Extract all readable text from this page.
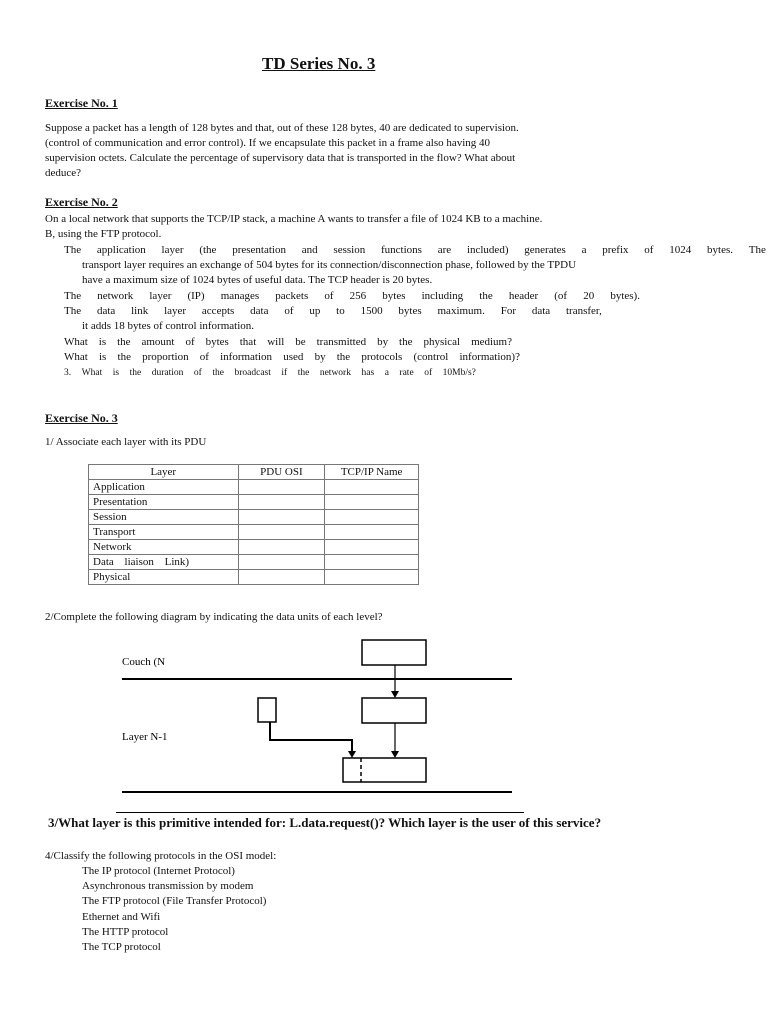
TD Series No. 3
Exercise No. 1
Suppose a packet has a length of 128 bytes and that, out of these 128 bytes, 40 are dedicated to supervision.
(control of communication and error control). If we encapsulate this packet in a frame also having 40
supervision octets. Calculate the percentage of supervisory data that is transported in the flow? What about
deduce?
Exercise No. 2
On a local network that supports the TCP/IP stack, a machine A wants to transfer a file of 1024 KB to a machine.
B, using the FTP protocol.
The application layer (the presentation and session functions are included) generates a prefix of 1024 bytes. The
transport layer requires an exchange of 504 bytes for its connection/disconnection phase, followed by the TPDU
have a maximum size of 1024 bytes of useful data. The TCP header is 20 bytes.
The network layer (IP) manages packets of 256 bytes including the header (of 20 bytes).
The data link layer accepts data of up to 1500 bytes maximum. For data transfer,
it adds 18 bytes of control information.
What is the amount of bytes that will be transmitted by the physical medium?
What is the proportion of information used by the protocols (control information)?
3. What is the duration of the broadcast if the network has a rate of 10Mb/s?
Exercise No. 3
1/ Associate each layer with its PDU
Layer	PDU OSI	TCP/IP Name
Application		
Presentation		
Session		
Transport		
Network		
Data liaison Link)		
Physical		
2/Complete the following diagram by indicating the data units of each level?
Couch (N
Layer N-1
3/What layer is this primitive intended for: L.data.request()? Which layer is the user of this service?
4/Classify the following protocols in the OSI model:
The IP protocol (Internet Protocol)
Asynchronous transmission by modem
The FTP protocol (File Transfer Protocol)
Ethernet and Wifi
The HTTP protocol
The TCP protocol
